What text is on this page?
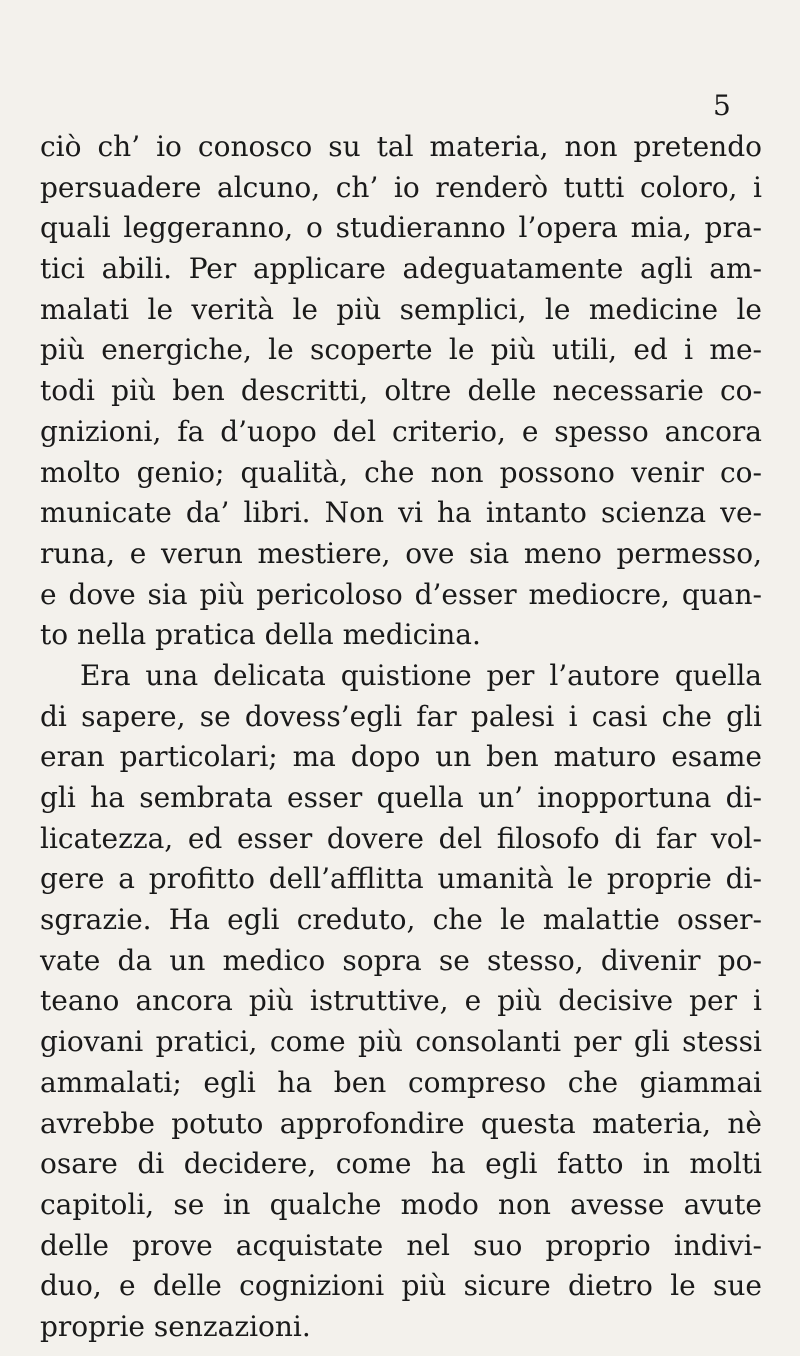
5
ciò ch’ io conosco su tal materia, non pretendo
persuadere alcuno, ch’ io renderò tutti coloro, i
quali leggeranno, o studieranno l’opera mia, pra-
tici abili. Per applicare adeguatamente agli am-
malati le verità le più semplici, le medicine le
più energiche, le scoperte le più utili, ed i me-
todi più ben descritti, oltre delle necessarie co-
gnizioni, fa d’uopo del criterio, e spesso ancora
molto genio; qualità, che non possono venir co-
municate da’ libri. Non vi ha intanto scienza ve-
runa, e verun mestiere, ove sia meno permesso,
e dove sia più pericoloso d’esser mediocre, quan-
to nella pratica della medicina.
Era una delicata quistione per l’autore quella
di sapere, se dovess’egli far palesi i casi che gli
eran particolari; ma dopo un ben maturo esame
gli ha sembrata esser quella un’ inopportuna di-
licatezza, ed esser dovere del filosofo di far vol-
gere a profitto dell’afflitta umanità le proprie di-
sgrazie. Ha egli creduto, che le malattie osser-
vate da un medico sopra se stesso, divenir po-
teano ancora più istruttive, e più decisive per i
giovani pratici, come più consolanti per gli stessi
ammalati; egli ha ben compreso che giammai
avrebbe potuto approfondire questa materia, nè
osare di decidere, come ha egli fatto in molti
capitoli, se in qualche modo non avesse avute
delle prove acquistate nel suo proprio indivi-
duo, e delle cognizioni più sicure dietro le sue
proprie senzazioni.
